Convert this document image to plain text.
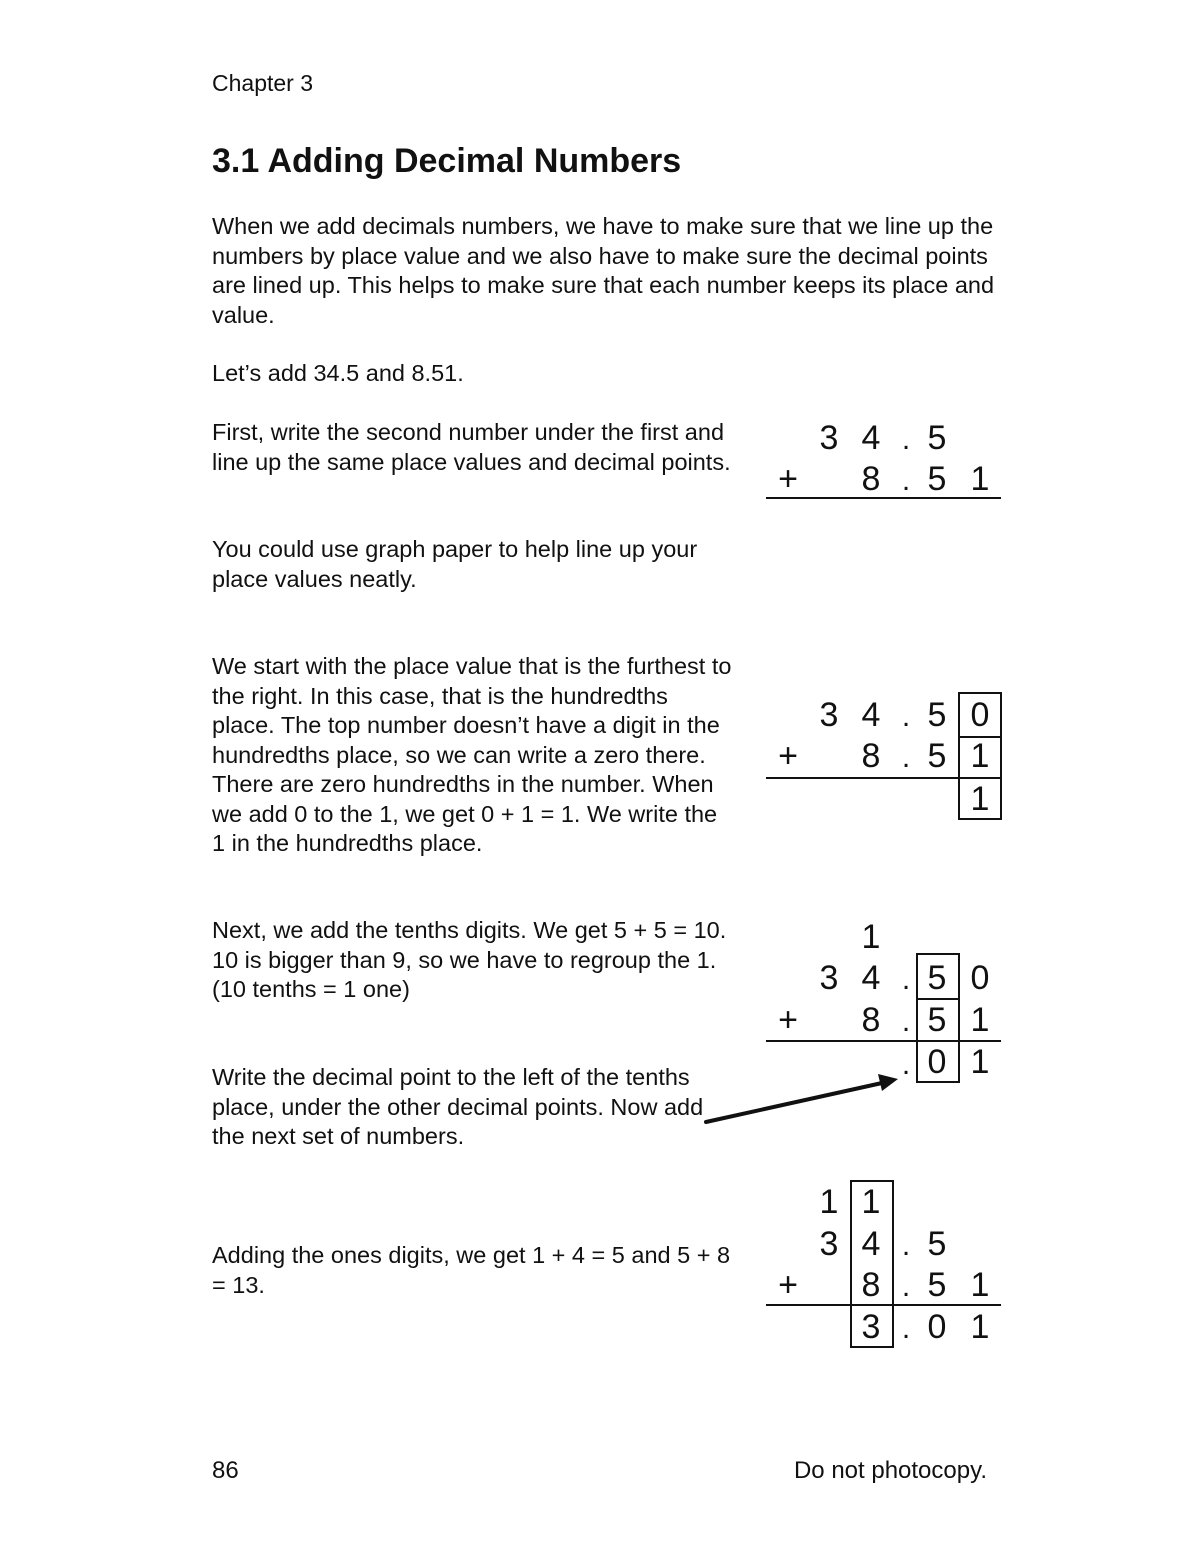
Chapter 3
3.1 Adding Decimal Numbers

When we add decimals numbers, we have to make sure that we line up the numbers by place value and we also have to make sure the decimal points are lined up. This helps to make sure that each number keeps its place and value.

Let’s add 34.5 and 8.51.

First, write the second number under the first and line up the same place values and decimal points.

You could use graph paper to help line up your place values neatly.

We start with the place value that is the furthest to the right. In this case, that is the hundredths place. The top number doesn’t have a digit in the hundredths place, so we can write a zero there. There are zero hundredths in the number. When we add 0 to the 1, we get 0 + 1 = 1. We write the 1 in the hundredths place.

Next, we add the tenths digits. We get 5 + 5 = 10. 10 is bigger than 9, so we have to regroup the 1. (10 tenths = 1 one)

Write the decimal point to the left of the tenths place, under the other decimal points. Now add the next set of numbers.

Adding the ones digits, we get 1 + 4 = 5 and 5 + 8 = 13.

3 4 . 5
+ 8 . 5 1
3 4 . 5 0
+ 8 . 5 1
1
1
3 4 . 5 0
+ 8 . 5 1
. 0 1
1 1
3 4 . 5
+ 8 . 5 1
3 . 0 1
86	Do not photocopy.
